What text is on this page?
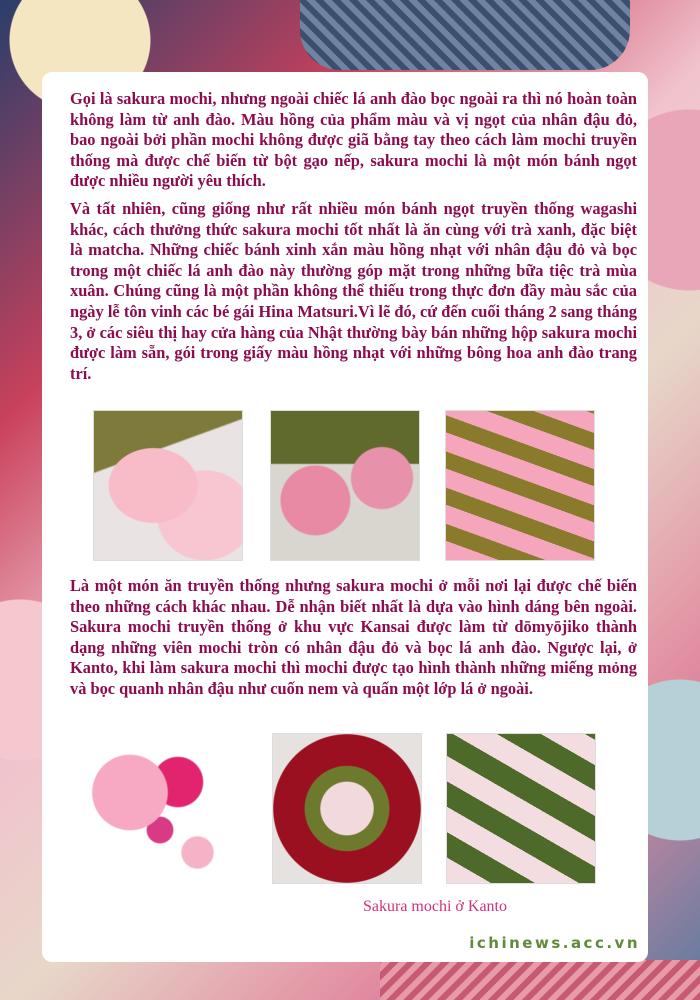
Gọi là sakura mochi, nhưng ngoài chiếc lá anh đào bọc ngoài ra thì nó hoàn toàn không làm từ anh đào. Màu hồng của phẩm màu và vị ngọt của nhân đậu đỏ, bao ngoài bởi phần mochi không được giã bằng tay theo cách làm mochi truyền thống mà được chế biến từ bột gạo nếp, sakura mochi là một món bánh ngọt được nhiều người yêu thích.

Và tất nhiên, cũng giống như rất nhiều món bánh ngọt truyền thống wagashi khác, cách thưởng thức sakura mochi tốt nhất là ăn cùng với trà xanh, đặc biệt là matcha. Những chiếc bánh xinh xắn màu hồng nhạt với nhân đậu đỏ và bọc trong một chiếc lá anh đào này thường góp mặt trong những bữa tiệc trà mùa xuân. Chúng cũng là một phần không thể thiếu trong thực đơn đầy màu sắc của ngày lễ tôn vinh các bé gái Hina Matsuri.Vì lẽ đó, cứ đến cuối tháng 2 sang tháng 3, ở các siêu thị hay cửa hàng của Nhật thường bày bán những hộp sakura mochi được làm sẵn, gói trong giấy màu hồng nhạt với những bông hoa anh đào trang trí.

Là một món ăn truyền thống nhưng sakura mochi ở mỗi nơi lại được chế biến theo những cách khác nhau. Dễ nhận biết nhất là dựa vào hình dáng bên ngoài. Sakura mochi truyền thống ở khu vực Kansai được làm từ dōmyōjiko thành dạng những viên mochi tròn có nhân đậu đỏ và bọc lá anh đào. Ngược lại, ở Kanto, khi làm sakura mochi thì mochi được tạo hình thành những miếng mỏng và bọc quanh nhân đậu như cuốn nem và quấn một lớp lá ở ngoài.

Sakura mochi ở Kanto
ichinews.acc.vn
